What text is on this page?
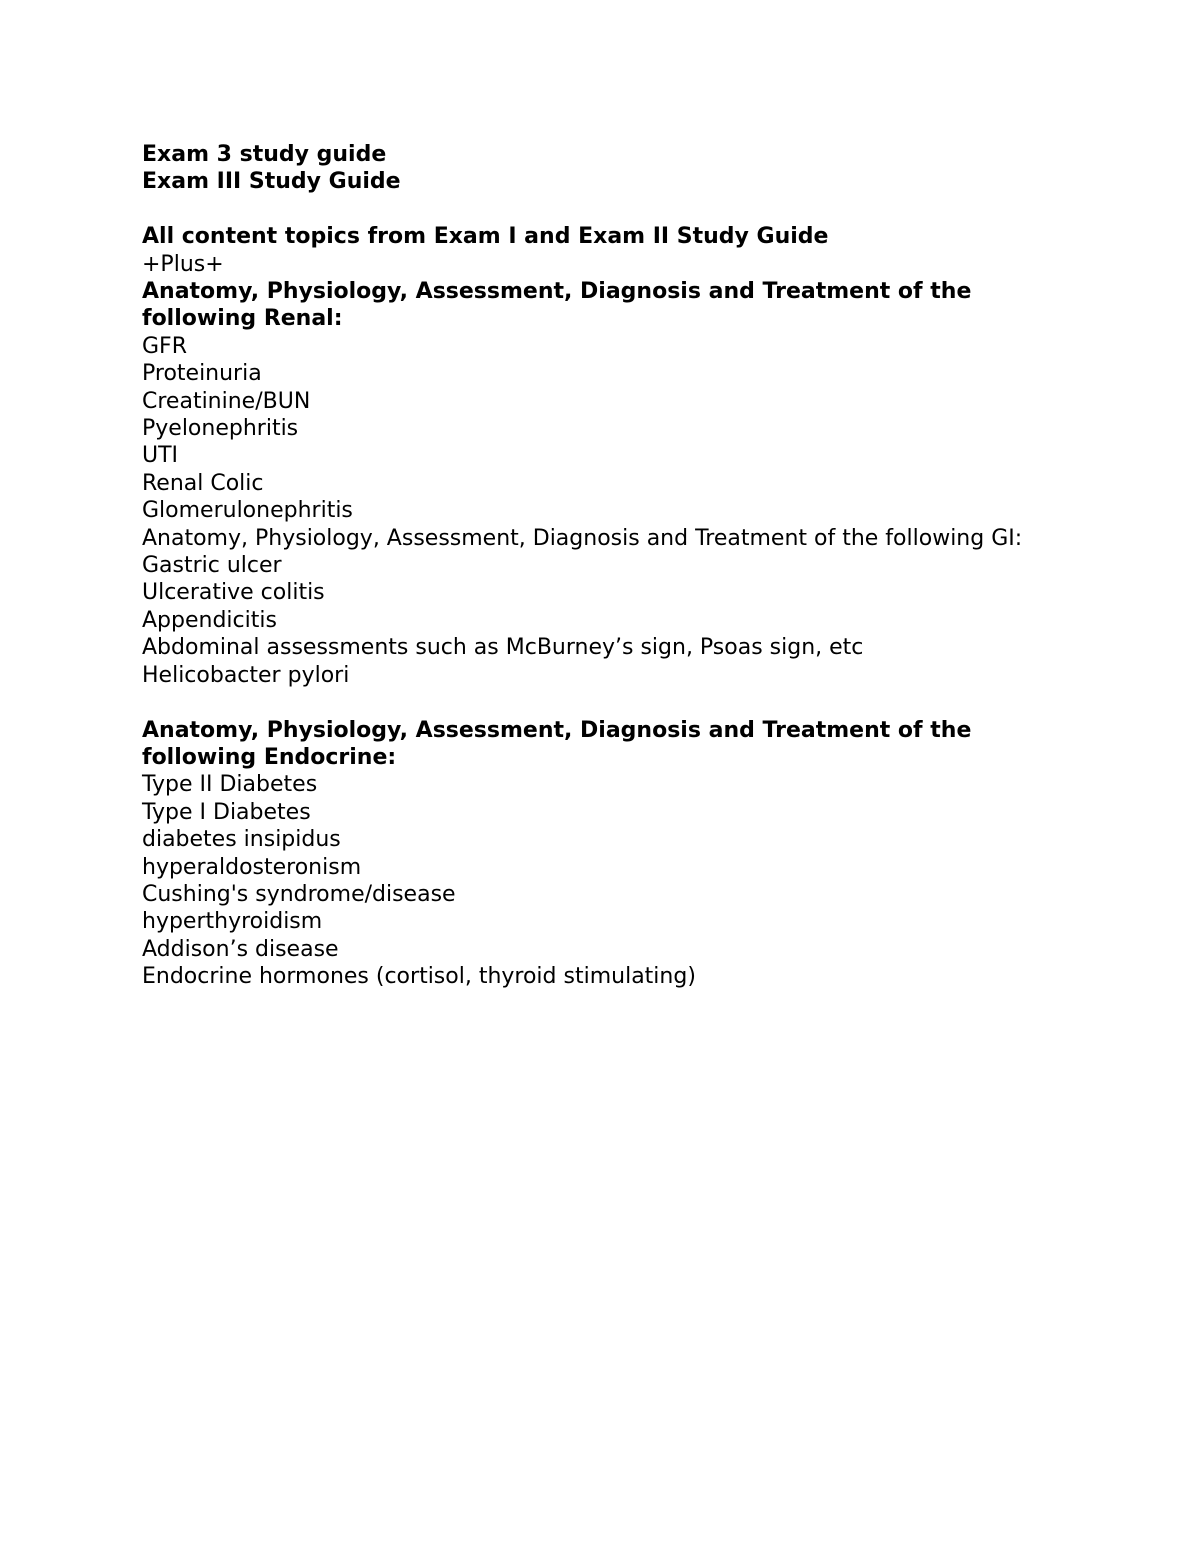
Exam 3 study guide
Exam III Study Guide
All content topics from Exam I and Exam II Study Guide
+Plus+
Anatomy, Physiology, Assessment, Diagnosis and Treatment of the following Renal:
GFR
Proteinuria
Creatinine/BUN
Pyelonephritis
UTI
Renal Colic
Glomerulonephritis
Anatomy, Physiology, Assessment, Diagnosis and Treatment of the following GI:
Gastric ulcer
Ulcerative colitis
Appendicitis
Abdominal assessments such as McBurney’s sign, Psoas sign, etc
Helicobacter pylori
Anatomy, Physiology, Assessment, Diagnosis and Treatment of the following Endocrine:
Type II Diabetes
Type I Diabetes
diabetes insipidus
hyperaldosteronism
Cushing's syndrome/disease
hyperthyroidism
Addison’s disease
Endocrine hormones (cortisol, thyroid stimulating)
